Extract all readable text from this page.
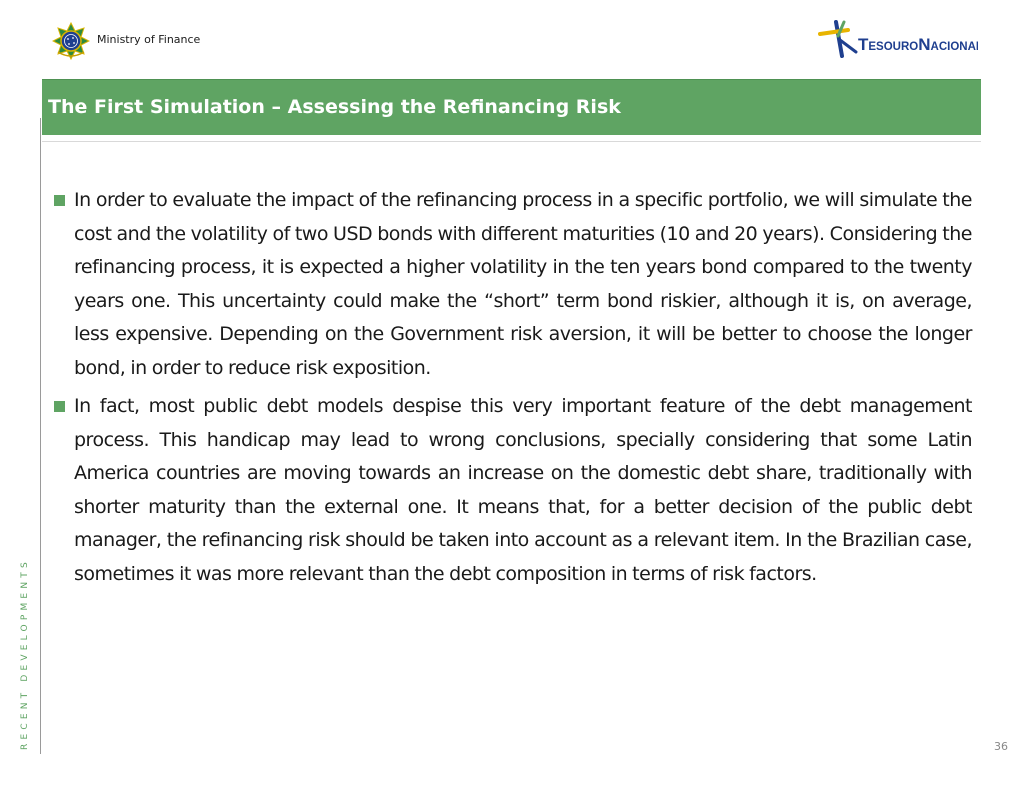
Ministry of Finance	TESOURONACIONAL
The First Simulation – Assessing the Refinancing Risk
RECENT DEVELOPMENTS
In order to evaluate the impact of the refinancing process in a specific portfolio, we will simulate the cost and the volatility of two USD bonds with different maturities (10 and 20 years). Considering the refinancing process, it is expected a higher volatility in the ten years bond compared to the twenty years one. This uncertainty could make the “short” term bond riskier, although it is, on average, less expensive. Depending on the Government risk aversion, it will be better to choose the longer bond, in order to reduce risk exposition.
In fact, most public debt models despise this very important feature of the debt management process. This handicap may lead to wrong conclusions, specially considering that some Latin America countries are moving towards an increase on the domestic debt share, traditionally with shorter maturity than the external one. It means that, for a better decision of the public debt manager, the refinancing risk should be taken into account as a relevant item. In the Brazilian case, sometimes it was more relevant than the debt composition in terms of risk factors.
36
